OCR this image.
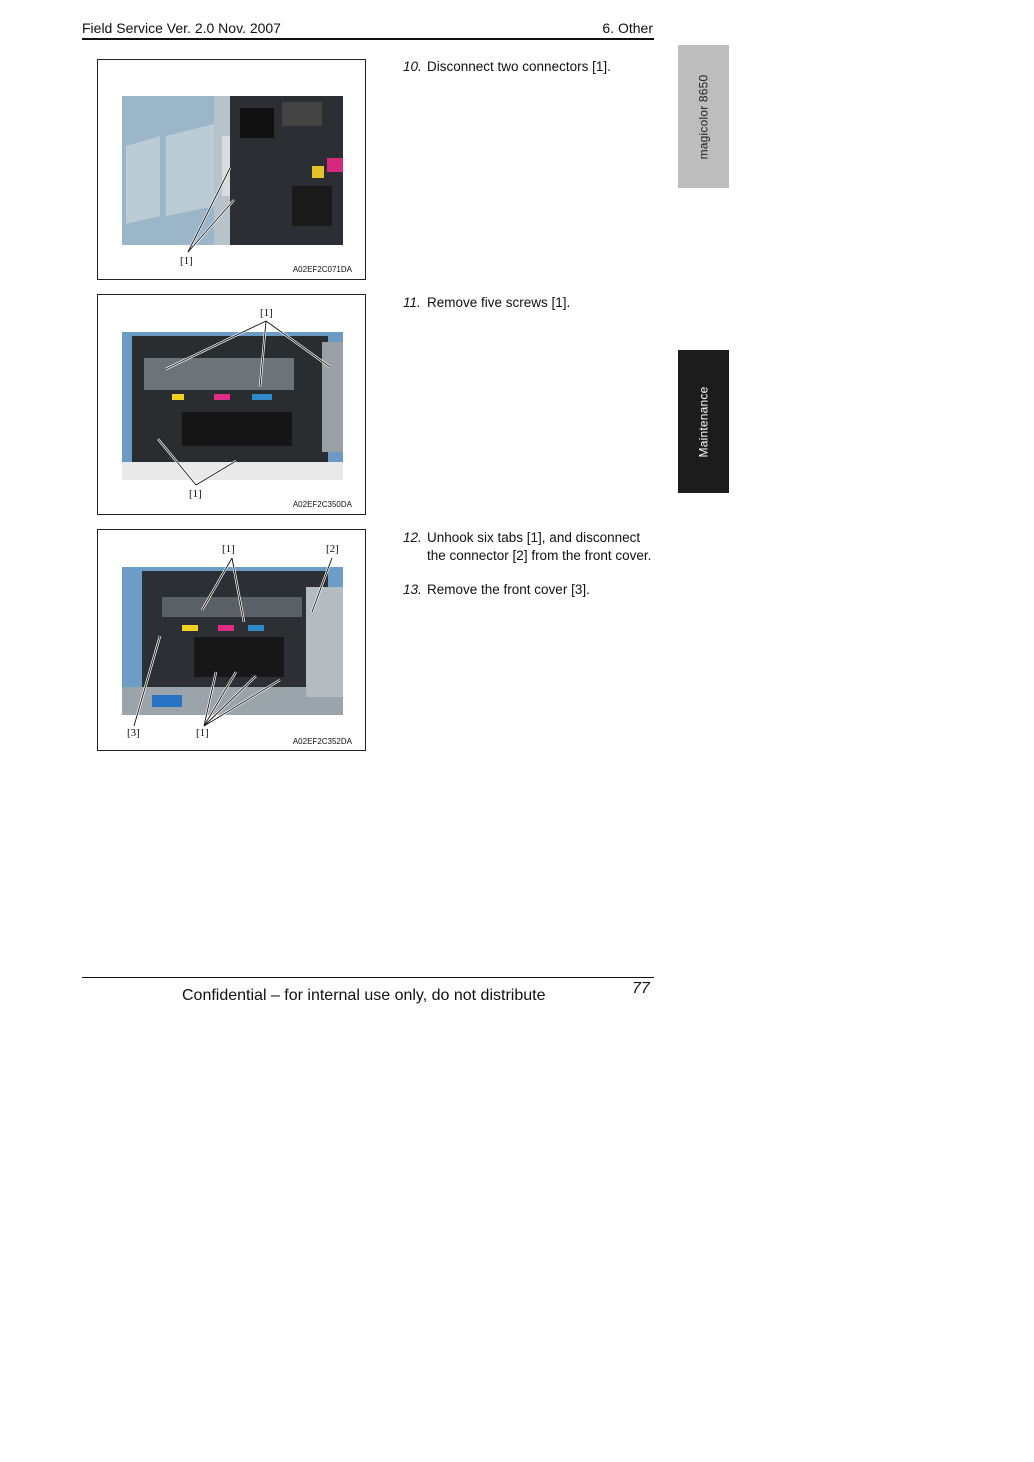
Field Service Ver. 2.0 Nov. 2007	6. Other
magicolor 8650
Maintenance
[1]
A02EF2C071DA
[1]
[1]
A02EF2C350DA
[1]	[2]
[3]	[1]
A02EF2C352DA
10. Disconnect two connectors [1].
11. Remove five screws [1].
12. Unhook six tabs [1], and disconnect the connector [2] from the front cover.
13. Remove the front cover [3].
Confidential – for internal use only, do not distribute	77
